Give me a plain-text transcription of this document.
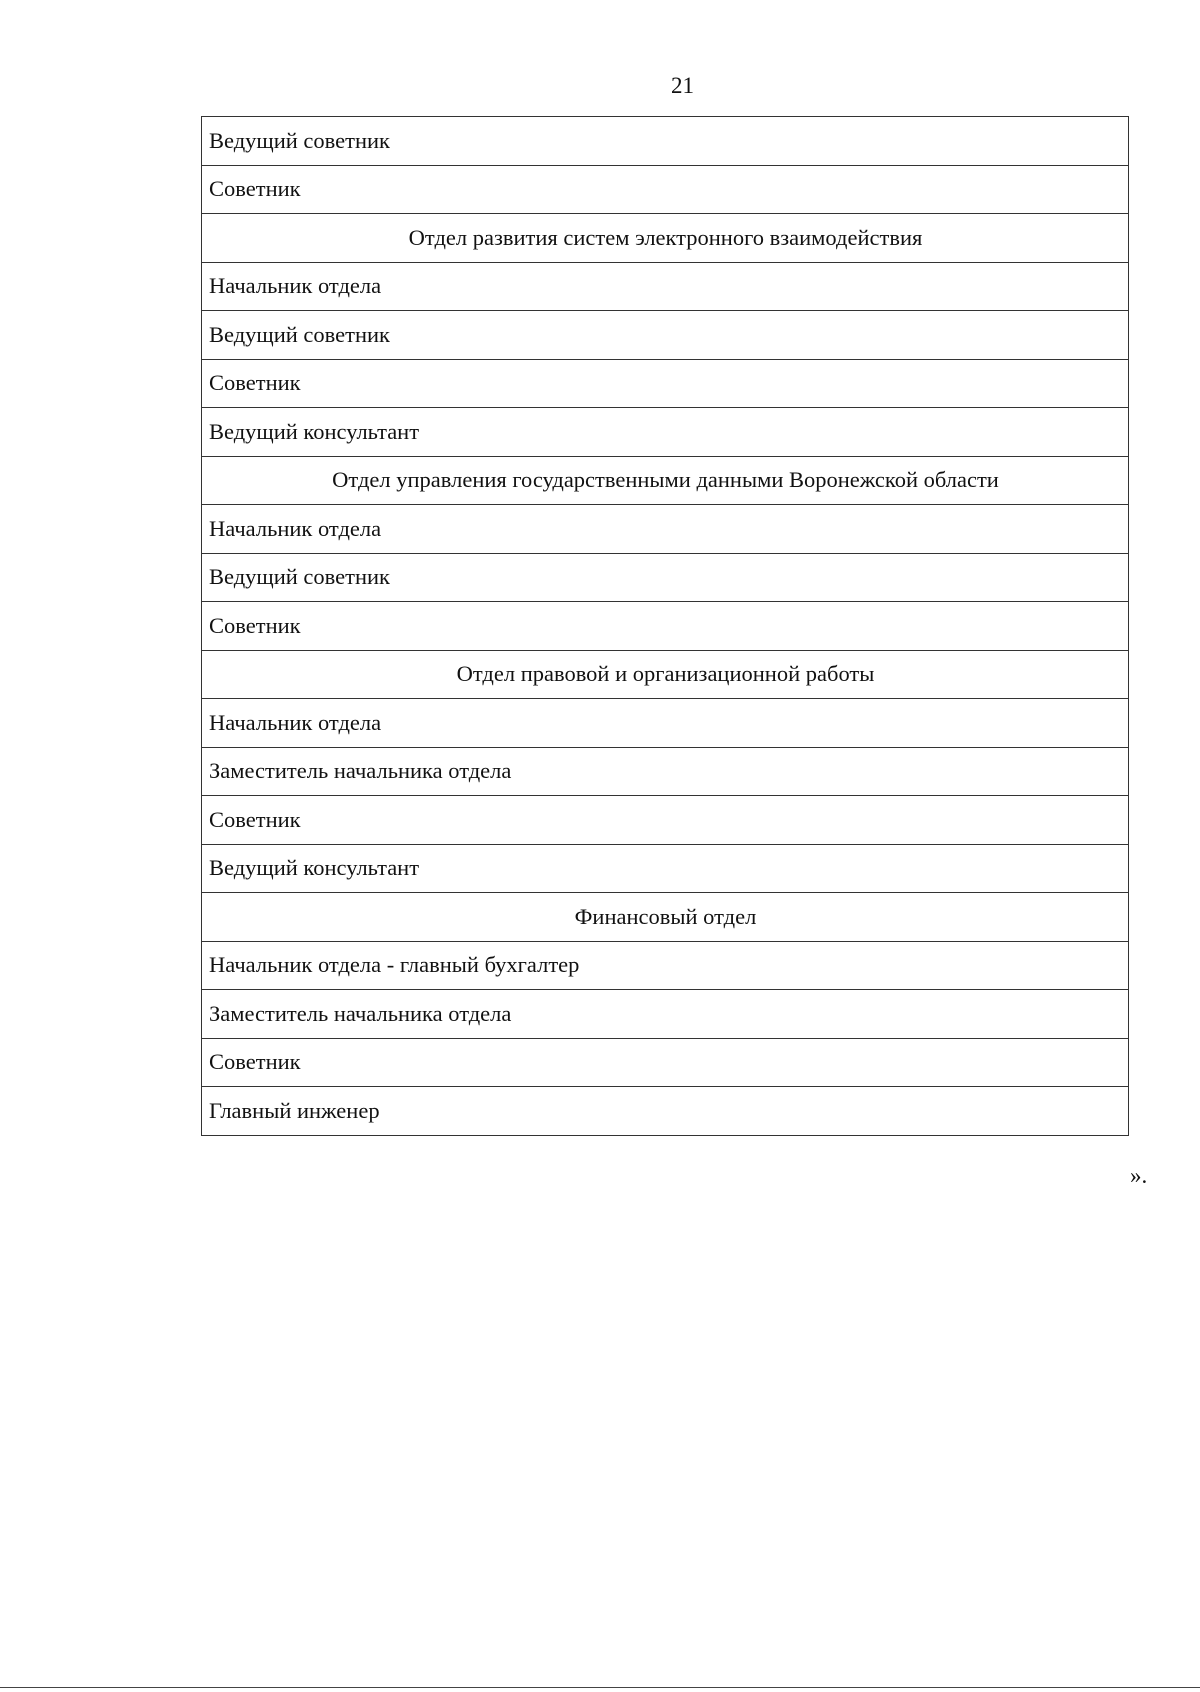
21
Ведущий советник
Советник
Отдел развития систем электронного взаимодействия
Начальник отдела
Ведущий советник
Советник
Ведущий консультант
Отдел управления государственными данными Воронежской области
Начальник отдела
Ведущий советник
Советник
Отдел правовой и организационной работы
Начальник отдела
Заместитель начальника отдела
Советник
Ведущий консультант
Финансовый отдел
Начальник отдела - главный бухгалтер
Заместитель начальника отдела
Советник
Главный инженер
».
